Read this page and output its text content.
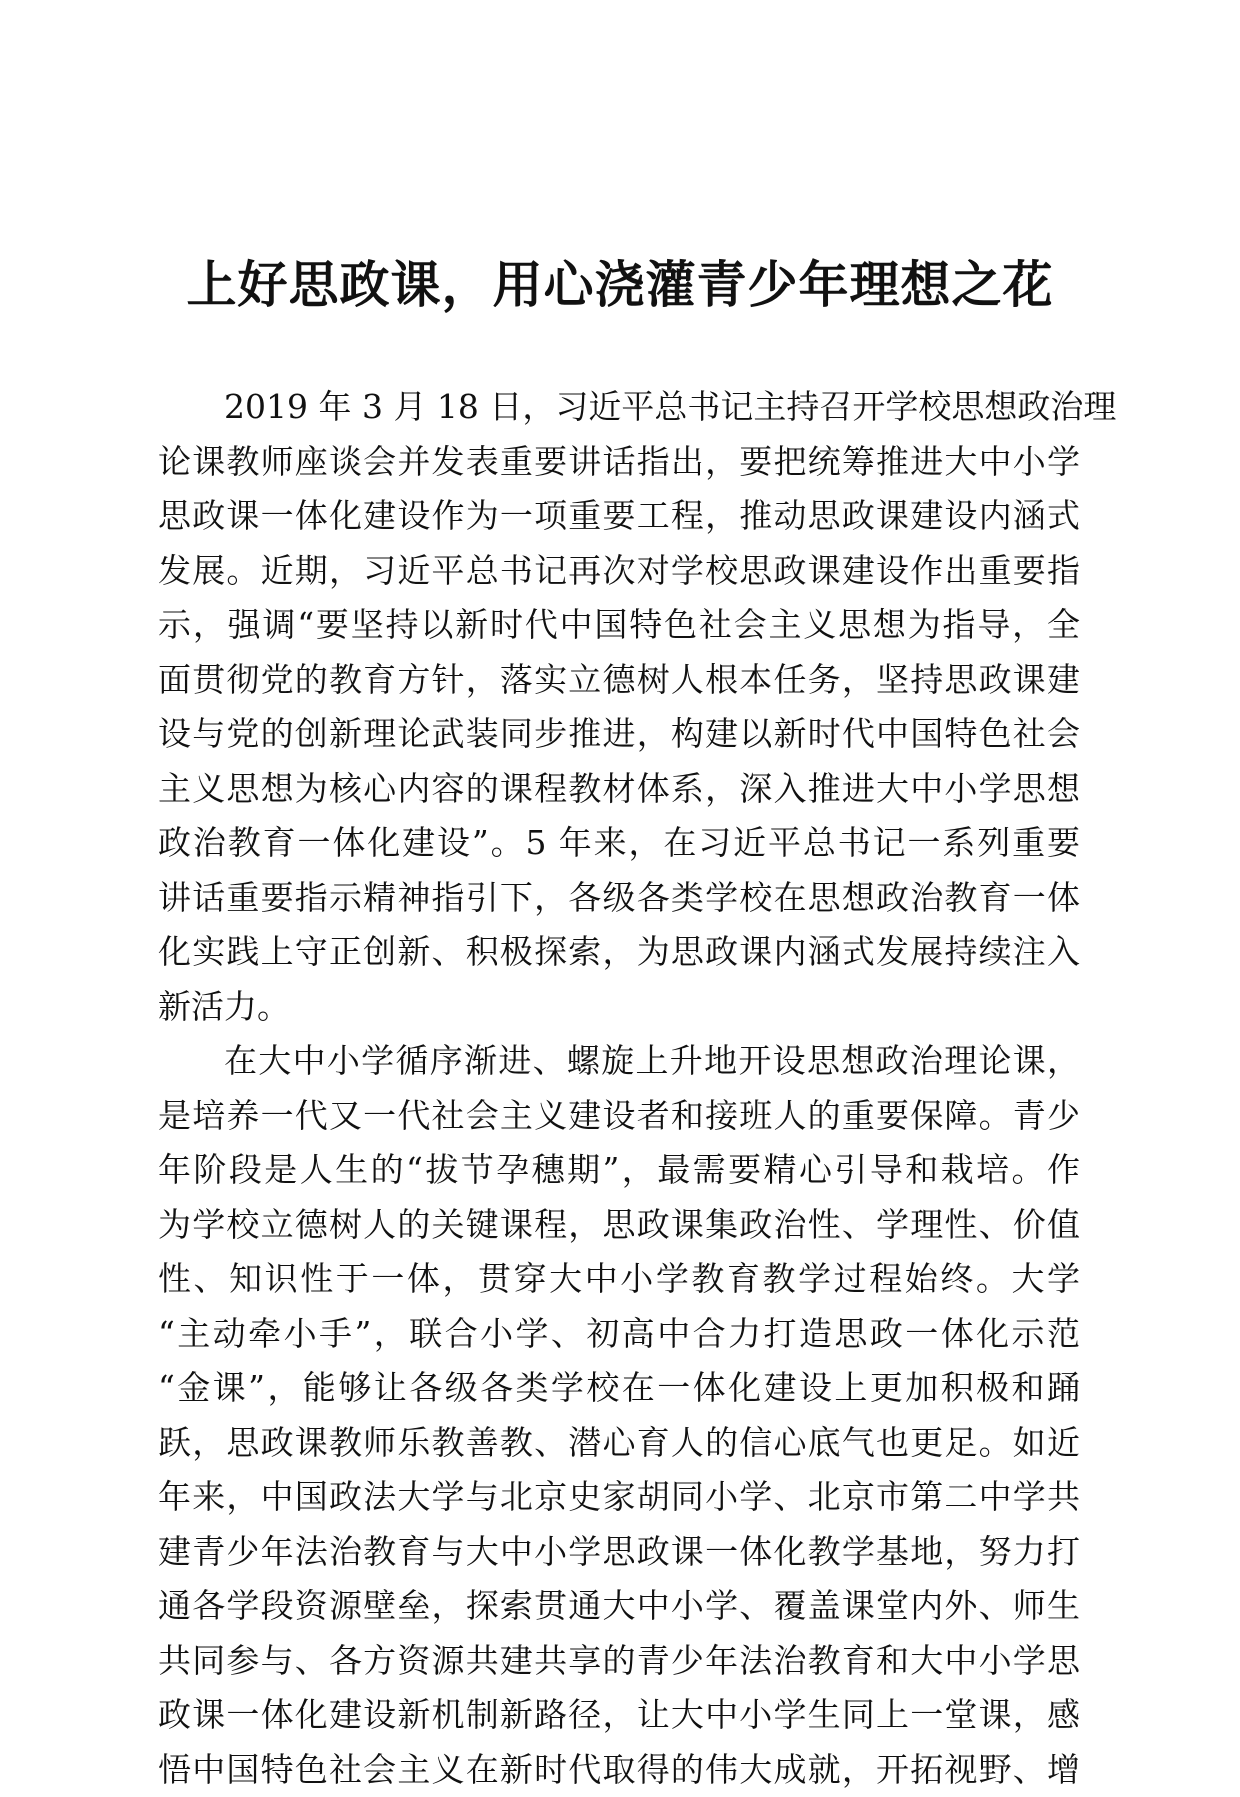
上好思政课，用心浇灌青少年理想之花
2019 年 3 月 18 日，习近平总书记主持召开学校思想政治理
论课教师座谈会并发表重要讲话指出，要把统筹推进大中小学
思政课一体化建设作为一项重要工程，推动思政课建设内涵式
发展。近期，习近平总书记再次对学校思政课建设作出重要指
示，强调“要坚持以新时代中国特色社会主义思想为指导，全
面贯彻党的教育方针，落实立德树人根本任务，坚持思政课建
设与党的创新理论武装同步推进，构建以新时代中国特色社会
主义思想为核心内容的课程教材体系，深入推进大中小学思想
政治教育一体化建设”。5 年来，在习近平总书记一系列重要
讲话重要指示精神指引下，各级各类学校在思想政治教育一体
化实践上守正创新、积极探索，为思政课内涵式发展持续注入
新活力。
在大中小学循序渐进、螺旋上升地开设思想政治理论课，
是培养一代又一代社会主义建设者和接班人的重要保障。青少
年阶段是人生的“拔节孕穗期”，最需要精心引导和栽培。作
为学校立德树人的关键课程，思政课集政治性、学理性、价值
性、知识性于一体，贯穿大中小学教育教学过程始终。大学
“主动牵小手”，联合小学、初高中合力打造思政一体化示范
“金课”，能够让各级各类学校在一体化建设上更加积极和踊
跃，思政课教师乐教善教、潜心育人的信心底气也更足。如近
年来，中国政法大学与北京史家胡同小学、北京市第二中学共
建青少年法治教育与大中小学思政课一体化教学基地，努力打
通各学段资源壁垒，探索贯通大中小学、覆盖课堂内外、师生
共同参与、各方资源共建共享的青少年法治教育和大中小学思
政课一体化建设新机制新路径，让大中小学生同上一堂课，感
悟中国特色社会主义在新时代取得的伟大成就，开拓视野、增
